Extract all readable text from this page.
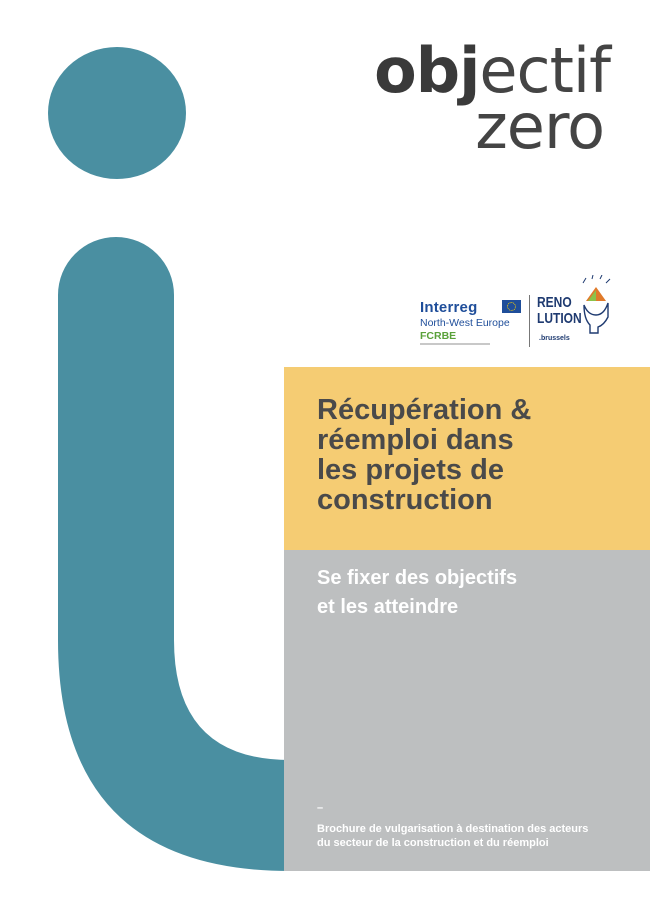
objectif
zero
Interreg
North-West Europe
FCRBE
RENO
LUTION
.brussels
Récupération &
réemploi dans
les projets de
construction
Se fixer des objectifs
et les atteindre
–

Brochure de vulgarisation à destination des acteurs
du secteur de la construction et du réemploi
